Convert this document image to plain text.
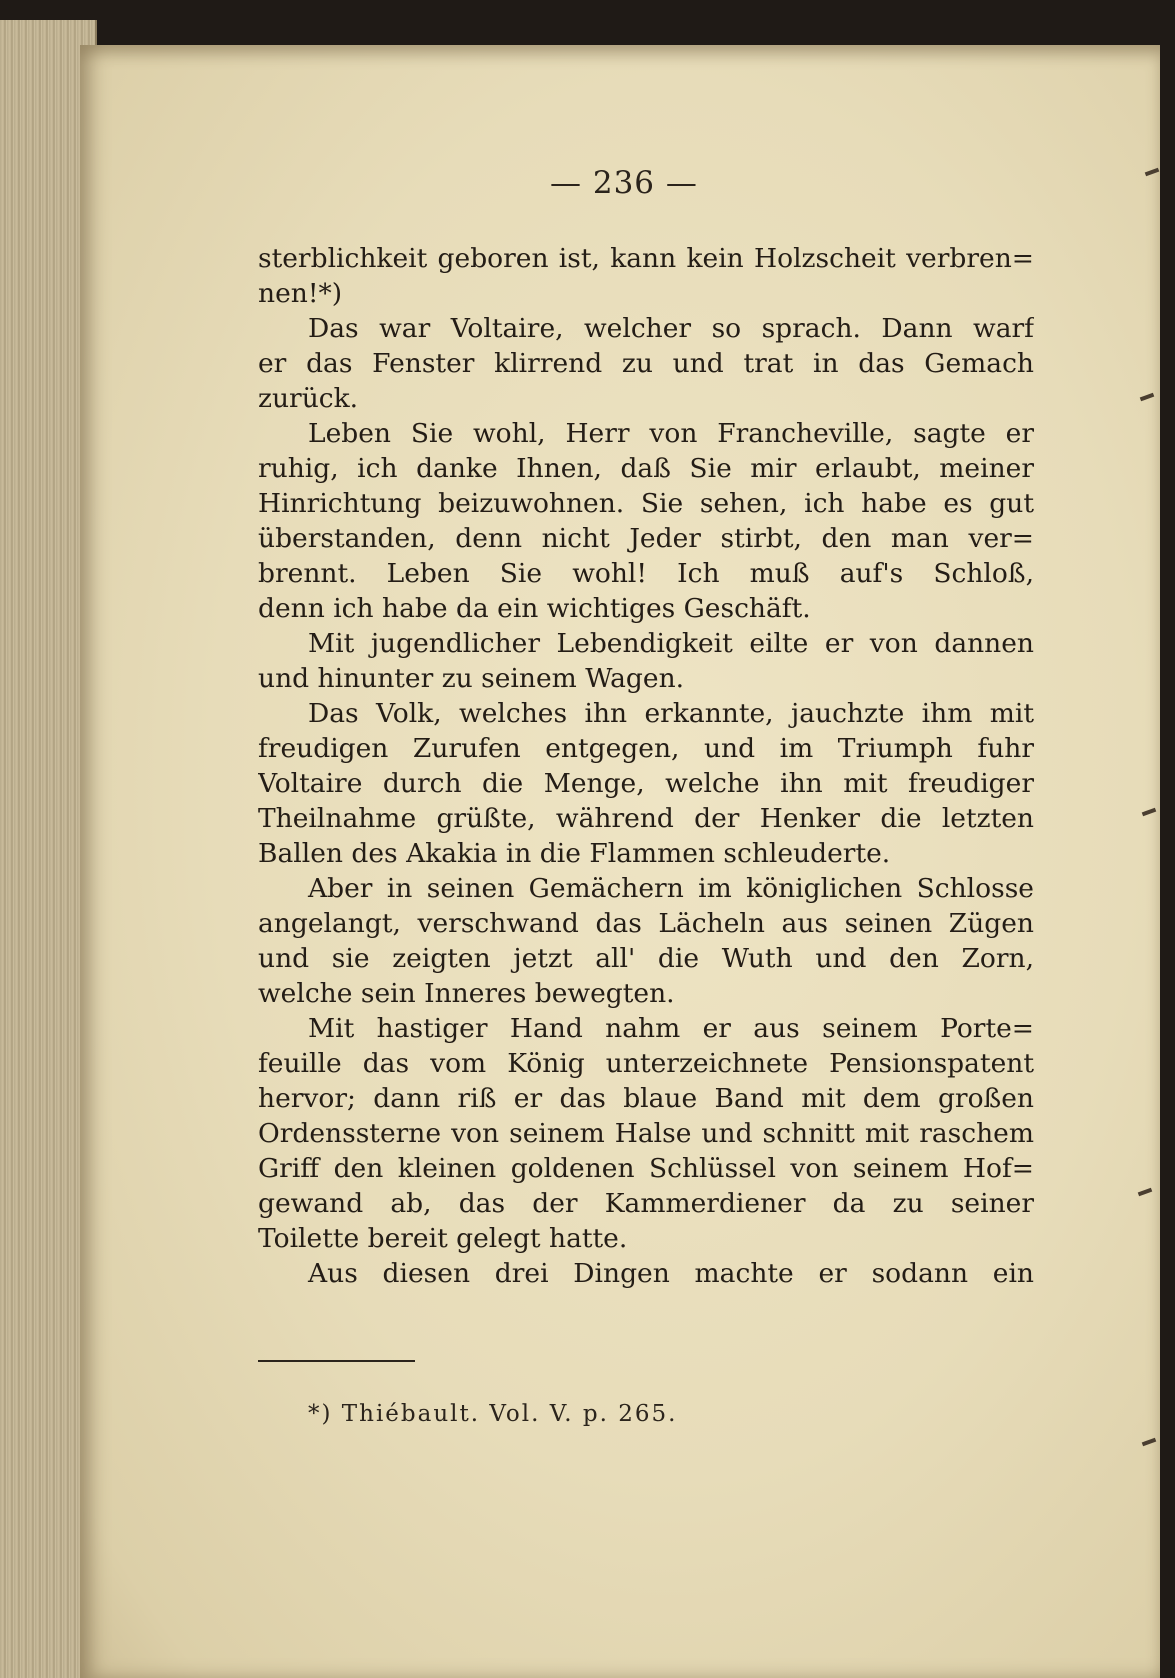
— 236 —
sterblichkeit geboren ist, kann kein Holzscheit verbren=
nen!*)
Das war Voltaire, welcher so sprach. Dann warf
er das Fenster klirrend zu und trat in das Gemach
zurück.
Leben Sie wohl, Herr von Francheville, sagte er
ruhig, ich danke Ihnen, daß Sie mir erlaubt, meiner
Hinrichtung beizuwohnen. Sie sehen, ich habe es gut
überstanden, denn nicht Jeder stirbt, den man ver=
brennt. Leben Sie wohl! Ich muß auf's Schloß,
denn ich habe da ein wichtiges Geschäft.
Mit jugendlicher Lebendigkeit eilte er von dannen
und hinunter zu seinem Wagen.
Das Volk, welches ihn erkannte, jauchzte ihm mit
freudigen Zurufen entgegen, und im Triumph fuhr
Voltaire durch die Menge, welche ihn mit freudiger
Theilnahme grüßte, während der Henker die letzten
Ballen des Akakia in die Flammen schleuderte.
Aber in seinen Gemächern im königlichen Schlosse
angelangt, verschwand das Lächeln aus seinen Zügen
und sie zeigten jetzt all' die Wuth und den Zorn,
welche sein Inneres bewegten.
Mit hastiger Hand nahm er aus seinem Porte=
feuille das vom König unterzeichnete Pensionspatent
hervor; dann riß er das blaue Band mit dem großen
Ordenssterne von seinem Halse und schnitt mit raschem
Griff den kleinen goldenen Schlüssel von seinem Hof=
gewand ab, das der Kammerdiener da zu seiner
Toilette bereit gelegt hatte.
Aus diesen drei Dingen machte er sodann ein
*) Thiébault. Vol. V. p. 265.
